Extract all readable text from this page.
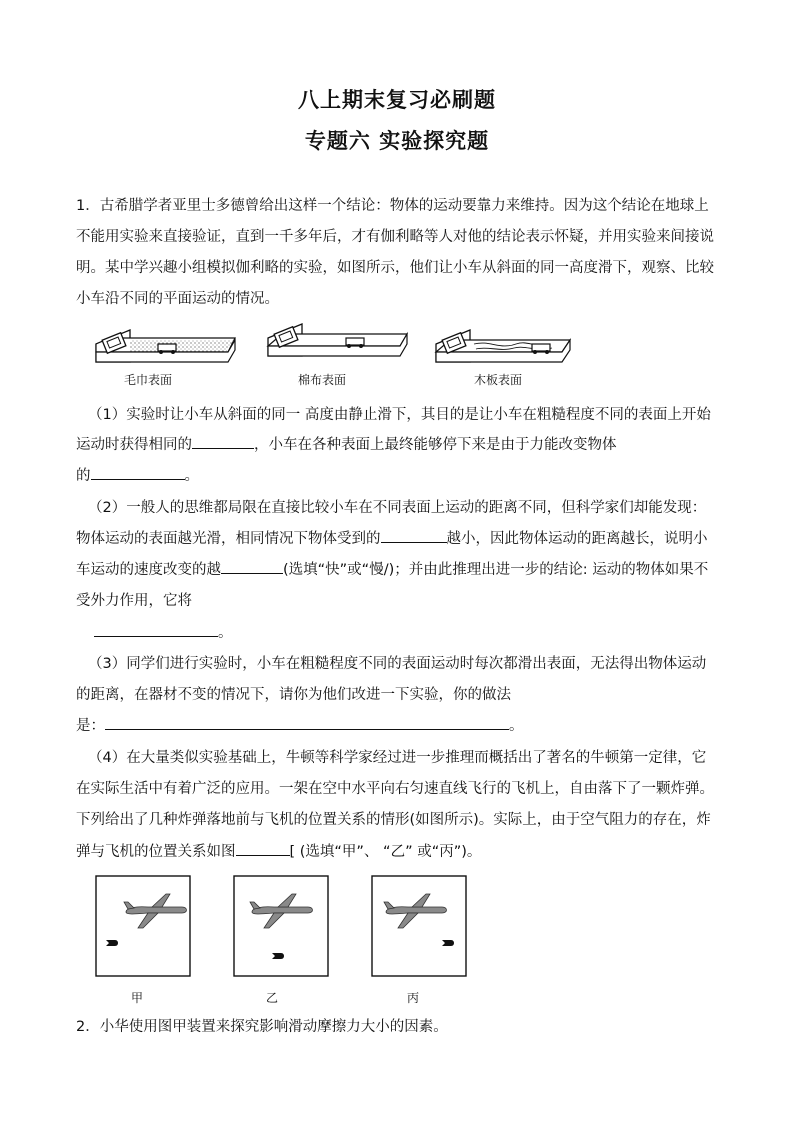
八上期末复习必刷题
专题六 实验探究题
1．古希腊学者亚里士多德曾给出这样一个结论：物体的运动要靠力来维持。因为这个结论在地球上
不能用实验来直接验证，直到一千多年后，才有伽利略等人对他的结论表示怀疑，并用实验来间接说
明。某中学兴趣小组模拟伽利略的实验，如图所示，他们让小车从斜面的同一高度滑下，观察、比较
小车沿不同的平面运动的情况。
毛巾表面	棉布表面	木板表面
（1）实验时让小车从斜面的同一 高度由静止滑下，其目的是让小车在粗糙程度不同的表面上开始
运动时获得相同的	，小车在各种表面上最终能够停下来是由于力能改变物体
的	。
（2）一般人的思维都局限在直接比较小车在不同表面上运动的距离不同，但科学家们却能发现：
物体运动的表面越光滑，相同情况下物体受到的	越小，因此物体运动的距离越长，说明小
车运动的速度改变的越	(选填“快”或“慢/)；并由此推理出进一步的结论: 运动的物体如果不
受外力作用，它将
。
（3）同学们进行实验时，小车在粗糙程度不同的表面运动时每次都滑出表面，无法得出物体运动
的距离，在器材不变的情况下，请你为他们改进一下实验，你的做法
是：	。
（4）在大量类似实验基础上，牛顿等科学家经过进一步推理而概括出了著名的牛顿第一定律，它
在实际生活中有着广泛的应用。一架在空中水平向右匀速直线飞行的飞机上，自由落下了一颗炸弹。
下列给出了几种炸弹落地前与飞机的位置关系的情形(如图所示)。实际上，由于空气阻力的存在，炸
弹与飞机的位置关系如图	[ (选填“甲”、 “乙” 或“丙”)。
甲	乙	丙
2．小华使用图甲装置来探究影响滑动摩擦力大小的因素。
